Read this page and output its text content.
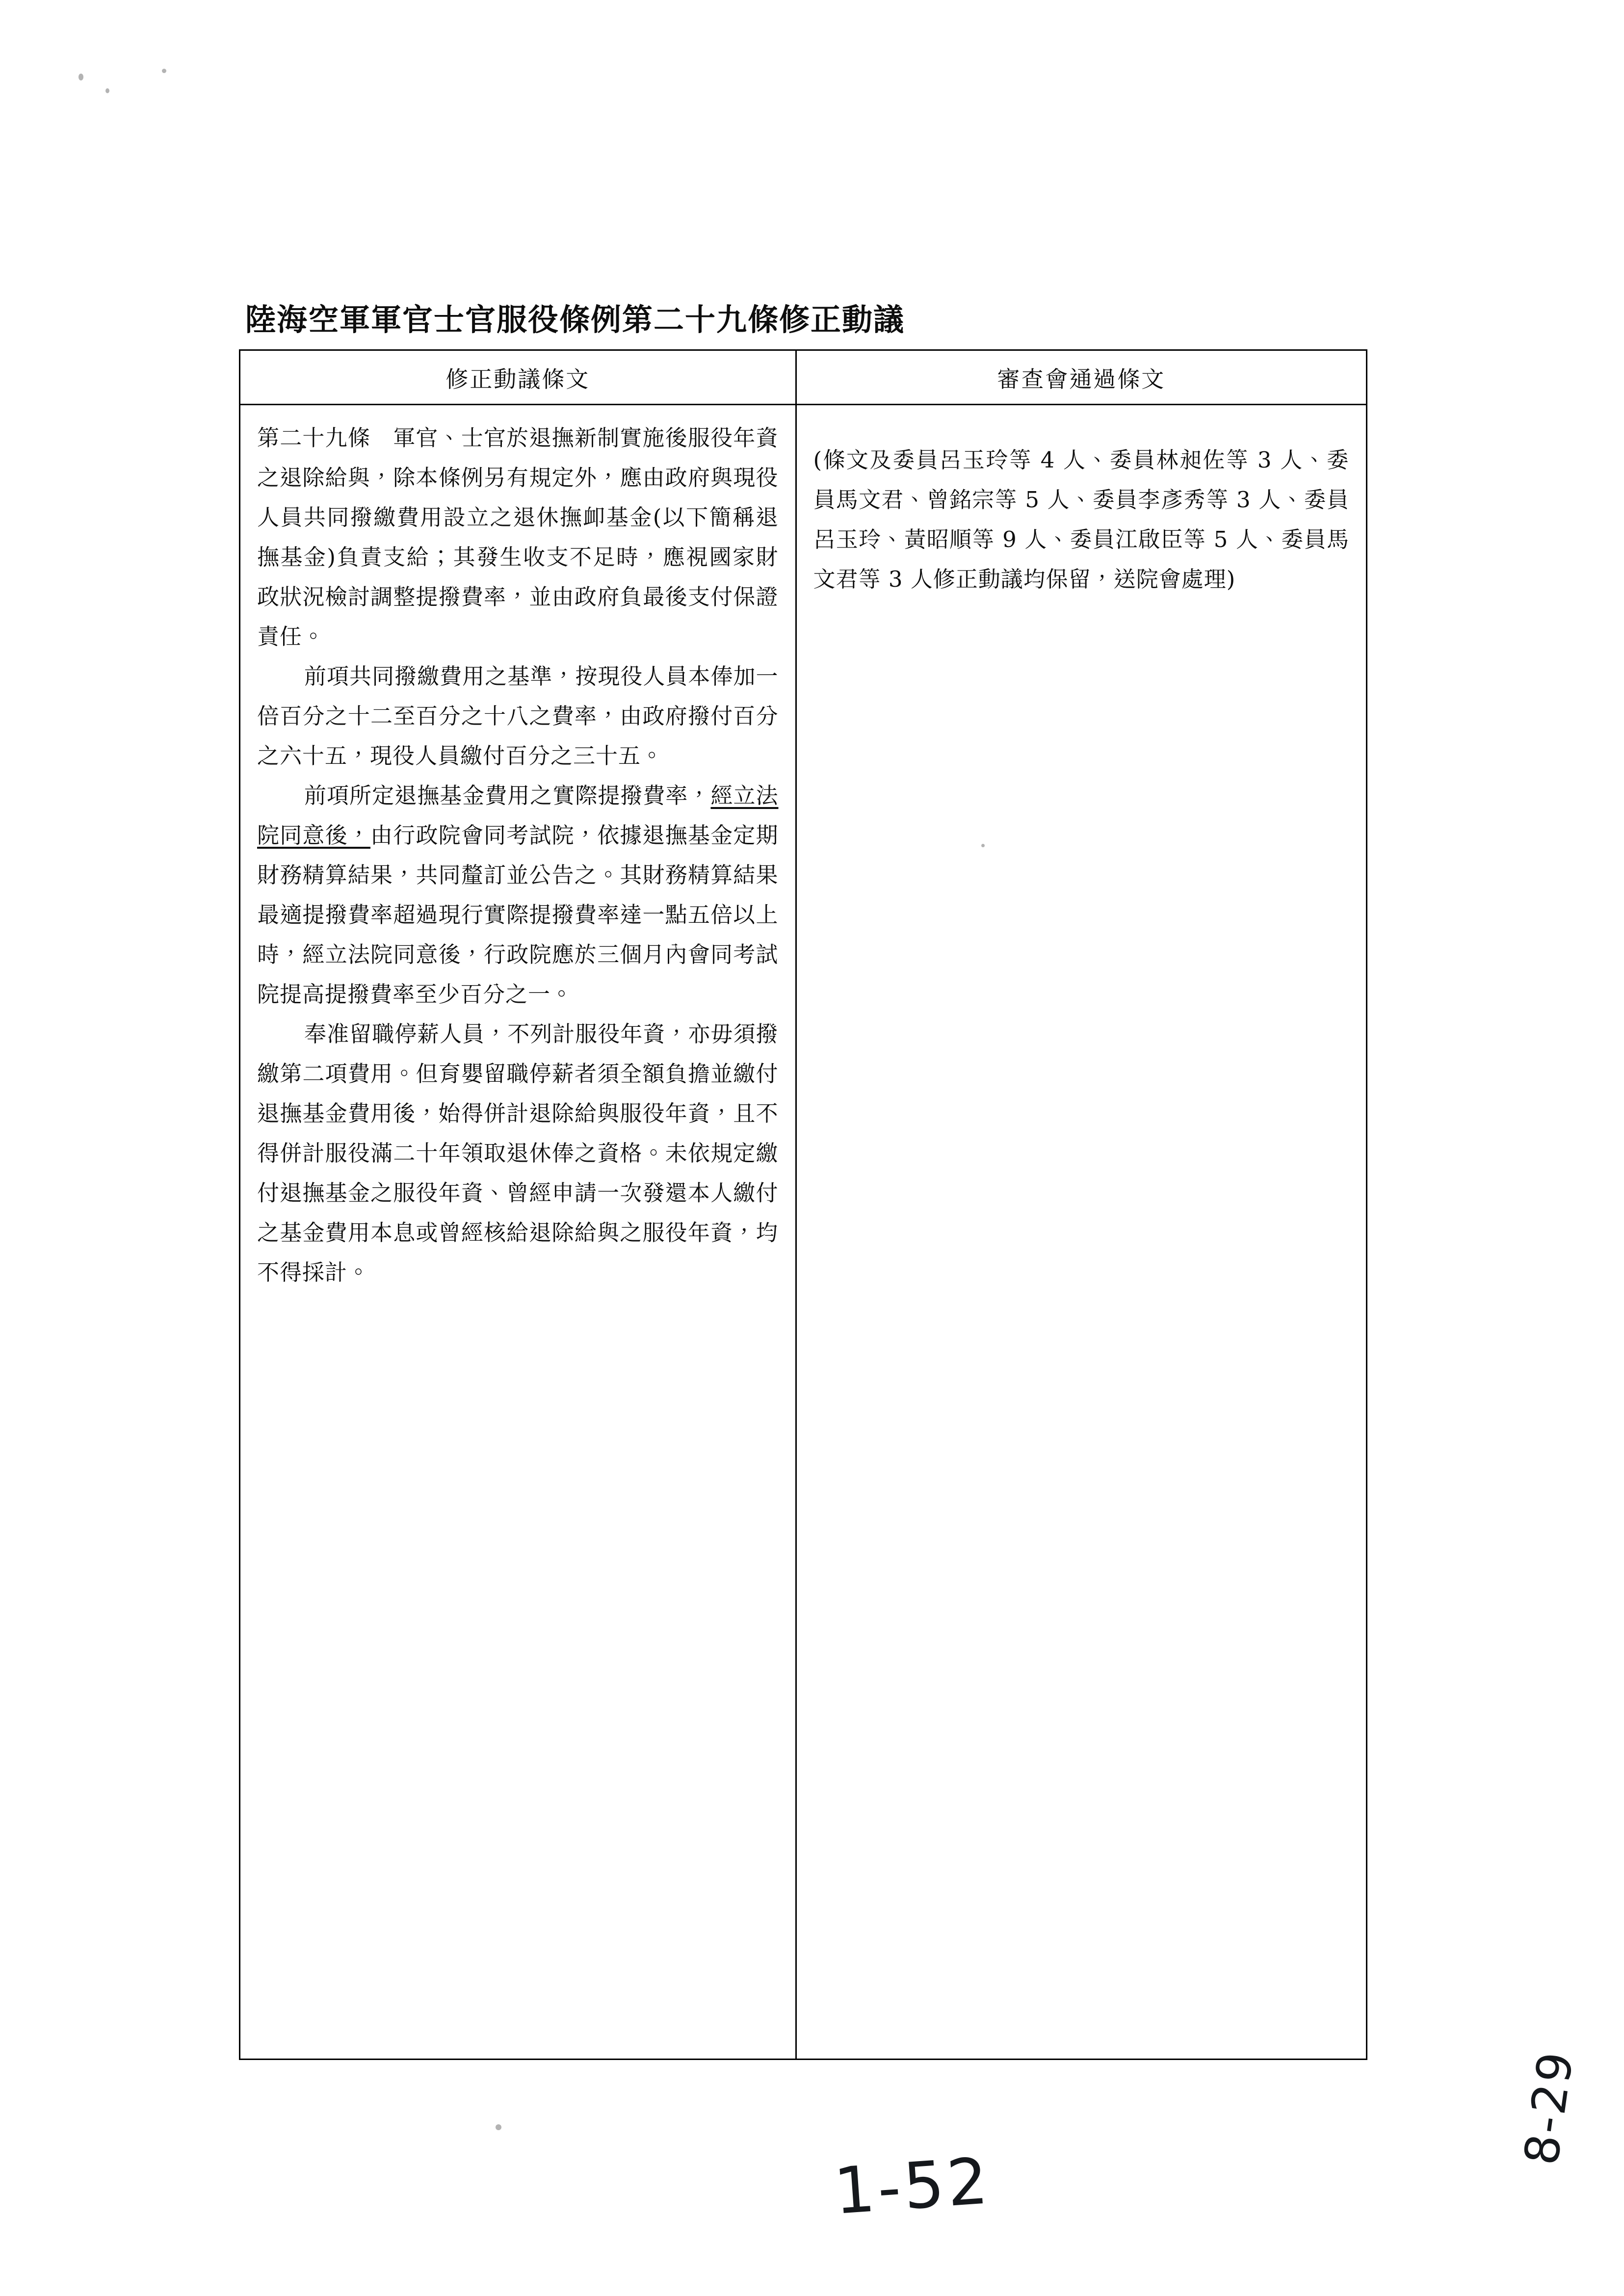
陸海空軍軍官士官服役條例第二十九條修正動議
修正動議條文	審查會通過條文

第二十九條　軍官、士官於退撫新制實施後服役年資之退除給與，除本條例另有規定外，應由政府與現役人員共同撥繳費用設立之退休撫卹基金(以下簡稱退撫基金)負責支給；其發生收支不足時，應視國家財政狀況檢討調整提撥費率，並由政府負最後支付保證責任。

前項共同撥繳費用之基準，按現役人員本俸加一倍百分之十二至百分之十八之費率，由政府撥付百分之六十五，現役人員繳付百分之三十五。

前項所定退撫基金費用之實際提撥費率，經立法院同意後，由行政院會同考試院，依據退撫基金定期財務精算結果，共同釐訂並公告之。其財務精算結果最適提撥費率超過現行實際提撥費率達一點五倍以上時，經立法院同意後，行政院應於三個月內會同考試院提高提撥費率至少百分之一。

奉准留職停薪人員，不列計服役年資，亦毋須撥繳第二項費用。但育嬰留職停薪者須全額負擔並繳付退撫基金費用後，始得併計退除給與服役年資，且不得併計服役滿二十年領取退休俸之資格。未依規定繳付退撫基金之服役年資、曾經申請一次發還本人繳付之基金費用本息或曾經核給退除給與之服役年資，均不得採計。

(條文及委員呂玉玲等 4 人、委員林昶佐等 3 人、委員馬文君、曾銘宗等 5 人、委員李彥秀等 3 人、委員呂玉玲、黃昭順等 9 人、委員江啟臣等 5 人、委員馬文君等 3 人修正動議均保留，送院會處理)

1-52
8-29
